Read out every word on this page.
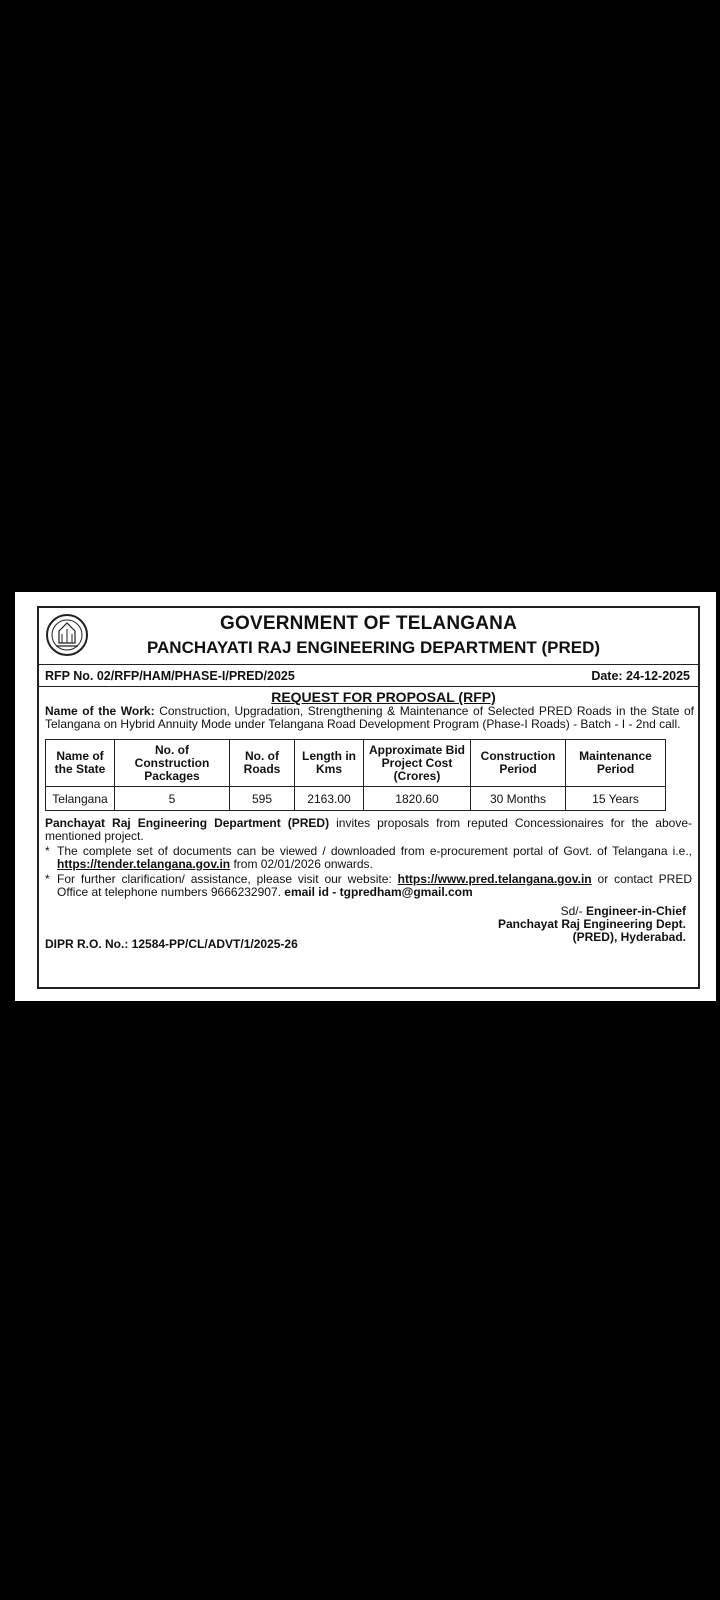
GOVERNMENT OF TELANGANA
PANCHAYATI RAJ ENGINEERING DEPARTMENT (PRED)
RFP No. 02/RFP/HAM/PHASE-I/PRED/2025	Date: 24-12-2025
REQUEST FOR PROPOSAL (RFP)
Name of the Work: Construction, Upgradation, Strengthening & Maintenance of Selected PRED Roads in the State of Telangana on Hybrid Annuity Mode under Telangana Road Development Program (Phase-I Roads) - Batch - I - 2nd call.
Name of the State	No. of Construction Packages	No. of Roads	Length in Kms	Approximate Bid Project Cost (Crores)	Construction Period	Maintenance Period
Telangana	5	595	2163.00	1820.60	30 Months	15 Years
Panchayat Raj Engineering Department (PRED) invites proposals from reputed Concessionaires for the above-mentioned project.
* The complete set of documents can be viewed / downloaded from e-procurement portal of Govt. of Telangana i.e., https://tender.telangana.gov.in from 02/01/2026 onwards.
* For further clarification/ assistance, please visit our website: https://www.pred.telangana.gov.in or contact PRED Office at telephone numbers 9666232907. email id - tgpredham@gmail.com
Sd/- Engineer-in-Chief
Panchayat Raj Engineering Dept.
(PRED), Hyderabad.
DIPR R.O. No.: 12584-PP/CL/ADVT/1/2025-26
